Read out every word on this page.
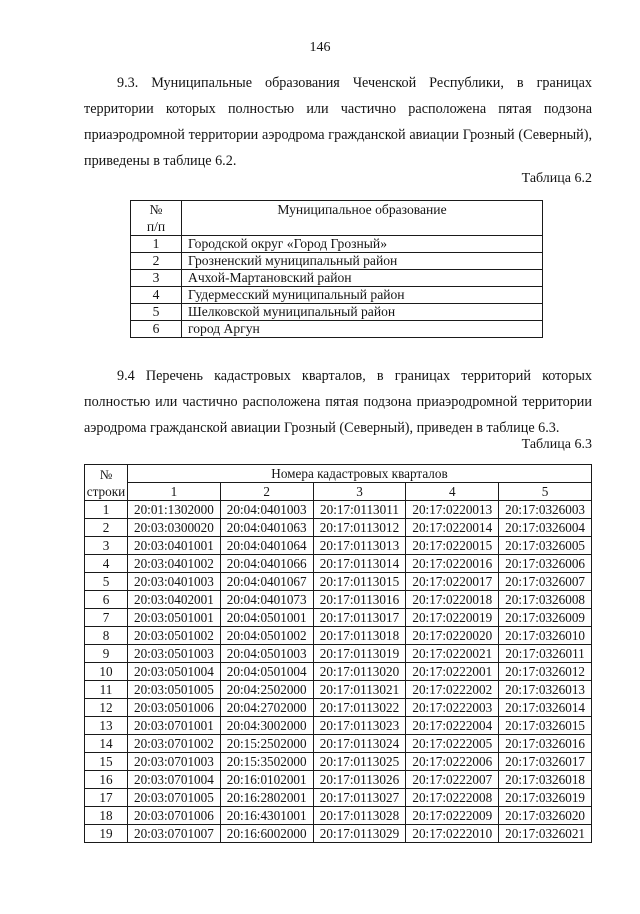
146

9.3. Муниципальные образования Чеченской Республики, в границах территории которых полностью или частично расположена пятая подзона приаэродромной территории аэродрома гражданской авиации Грозный (Северный), приведены в таблице 6.2.

Таблица 6.2
№
п/п	Муниципальное образование
1	Городской округ «Город Грозный»
2	Грозненский муниципальный район
3	Ачхой-Мартановский район
4	Гудермесский муниципальный район
5	Шелковской муниципальный район
6	город Аргун

9.4 Перечень кадастровых кварталов, в границах территорий которых полностью или частично расположена пятая подзона приаэродромной территории аэродрома гражданской авиации Грозный (Северный), приведен в таблице 6.3.

Таблица 6.3
№
строки	Номера кадастровых кварталов				
	1	2	3	4	5
1	20:01:1302000	20:04:0401003	20:17:0113011	20:17:0220013	20:17:0326003
2	20:03:0300020	20:04:0401063	20:17:0113012	20:17:0220014	20:17:0326004
3	20:03:0401001	20:04:0401064	20:17:0113013	20:17:0220015	20:17:0326005
4	20:03:0401002	20:04:0401066	20:17:0113014	20:17:0220016	20:17:0326006
5	20:03:0401003	20:04:0401067	20:17:0113015	20:17:0220017	20:17:0326007
6	20:03:0402001	20:04:0401073	20:17:0113016	20:17:0220018	20:17:0326008
7	20:03:0501001	20:04:0501001	20:17:0113017	20:17:0220019	20:17:0326009
8	20:03:0501002	20:04:0501002	20:17:0113018	20:17:0220020	20:17:0326010
9	20:03:0501003	20:04:0501003	20:17:0113019	20:17:0220021	20:17:0326011
10	20:03:0501004	20:04:0501004	20:17:0113020	20:17:0222001	20:17:0326012
11	20:03:0501005	20:04:2502000	20:17:0113021	20:17:0222002	20:17:0326013
12	20:03:0501006	20:04:2702000	20:17:0113022	20:17:0222003	20:17:0326014
13	20:03:0701001	20:04:3002000	20:17:0113023	20:17:0222004	20:17:0326015
14	20:03:0701002	20:15:2502000	20:17:0113024	20:17:0222005	20:17:0326016
15	20:03:0701003	20:15:3502000	20:17:0113025	20:17:0222006	20:17:0326017
16	20:03:0701004	20:16:0102001	20:17:0113026	20:17:0222007	20:17:0326018
17	20:03:0701005	20:16:2802001	20:17:0113027	20:17:0222008	20:17:0326019
18	20:03:0701006	20:16:4301001	20:17:0113028	20:17:0222009	20:17:0326020
19	20:03:0701007	20:16:6002000	20:17:0113029	20:17:0222010	20:17:0326021
